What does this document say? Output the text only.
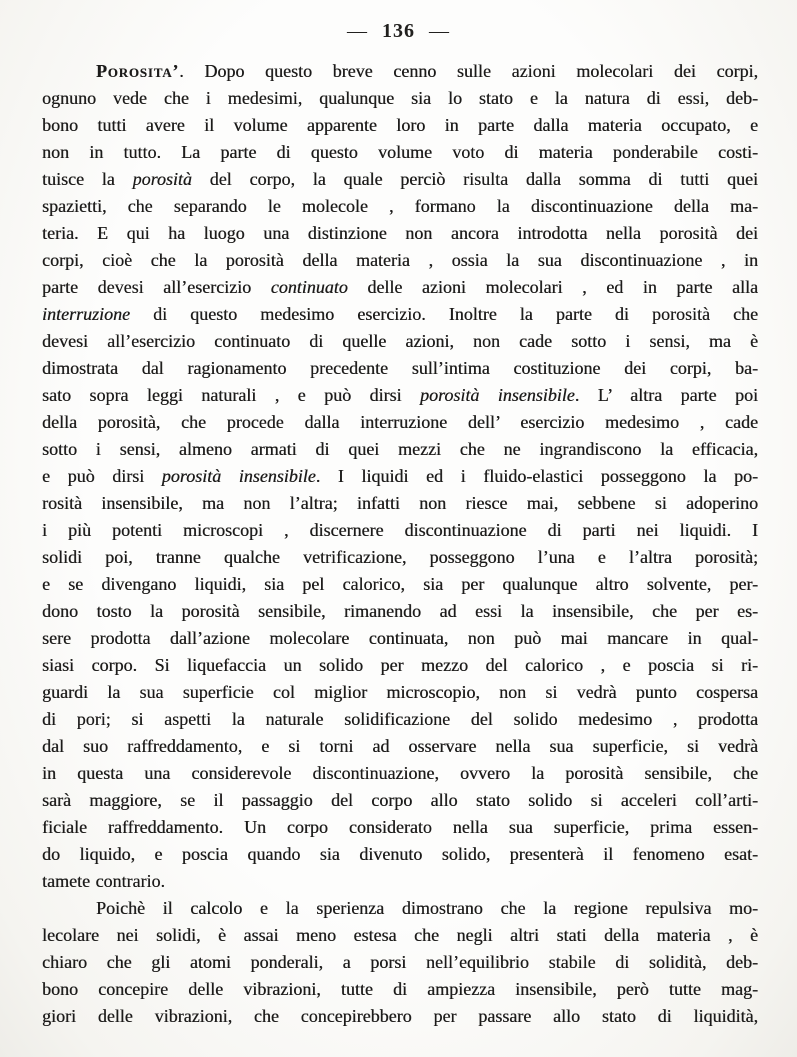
— 136 —
Porosita’. Dopo questo breve cenno sulle azioni molecolari dei corpi,
ognuno vede che i medesimi, qualunque sia lo stato e la natura di essi, deb-
bono tutti avere il volume apparente loro in parte dalla materia occupato, e
non in tutto. La parte di questo volume voto di materia ponderabile costi-
tuisce la porosità del corpo, la quale perciò risulta dalla somma di tutti quei
spazietti, che separando le molecole , formano la discontinuazione della ma-
teria. E qui ha luogo una distinzione non ancora introdotta nella porosità dei
corpi, cioè che la porosità della materia , ossia la sua discontinuazione , in
parte devesi all’esercizio continuato delle azioni molecolari , ed in parte alla
interruzione di questo medesimo esercizio. Inoltre la parte di porosità che
devesi all’esercizio continuato di quelle azioni, non cade sotto i sensi, ma è
dimostrata dal ragionamento precedente sull’intima costituzione dei corpi, ba-
sato sopra leggi naturali , e può dirsi porosità insensibile. L’ altra parte poi
della porosità, che procede dalla interruzione dell’ esercizio medesimo , cade
sotto i sensi, almeno armati di quei mezzi che ne ingrandiscono la efficacia,
e può dirsi porosità insensibile. I liquidi ed i fluido-elastici posseggono la po-
rosità insensibile, ma non l’altra; infatti non riesce mai, sebbene si adoperino
i più potenti microscopi , discernere discontinuazione di parti nei liquidi. I
solidi poi, tranne qualche vetrificazione, posseggono l’una e l’altra porosità;
e se divengano liquidi, sia pel calorico, sia per qualunque altro solvente, per-
dono tosto la porosità sensibile, rimanendo ad essi la insensibile, che per es-
sere prodotta dall’azione molecolare continuata, non può mai mancare in qual-
siasi corpo. Si liquefaccia un solido per mezzo del calorico , e poscia si ri-
guardi la sua superficie col miglior microscopio, non si vedrà punto cospersa
di pori; si aspetti la naturale solidificazione del solido medesimo , prodotta
dal suo raffreddamento, e si torni ad osservare nella sua superficie, si vedrà
in questa una considerevole discontinuazione, ovvero la porosità sensibile, che
sarà maggiore, se il passaggio del corpo allo stato solido si acceleri coll’arti-
ficiale raffreddamento. Un corpo considerato nella sua superficie, prima essen-
do liquido, e poscia quando sia divenuto solido, presenterà il fenomeno esat-
tamete contrario.
Poichè il calcolo e la sperienza dimostrano che la regione repulsiva mo-
lecolare nei solidi, è assai meno estesa che negli altri stati della materia , è
chiaro che gli atomi ponderali, a porsi nell’equilibrio stabile di solidità, deb-
bono concepire delle vibrazioni, tutte di ampiezza insensibile, però tutte mag-
giori delle vibrazioni, che concepirebbero per passare allo stato di liquidità,
